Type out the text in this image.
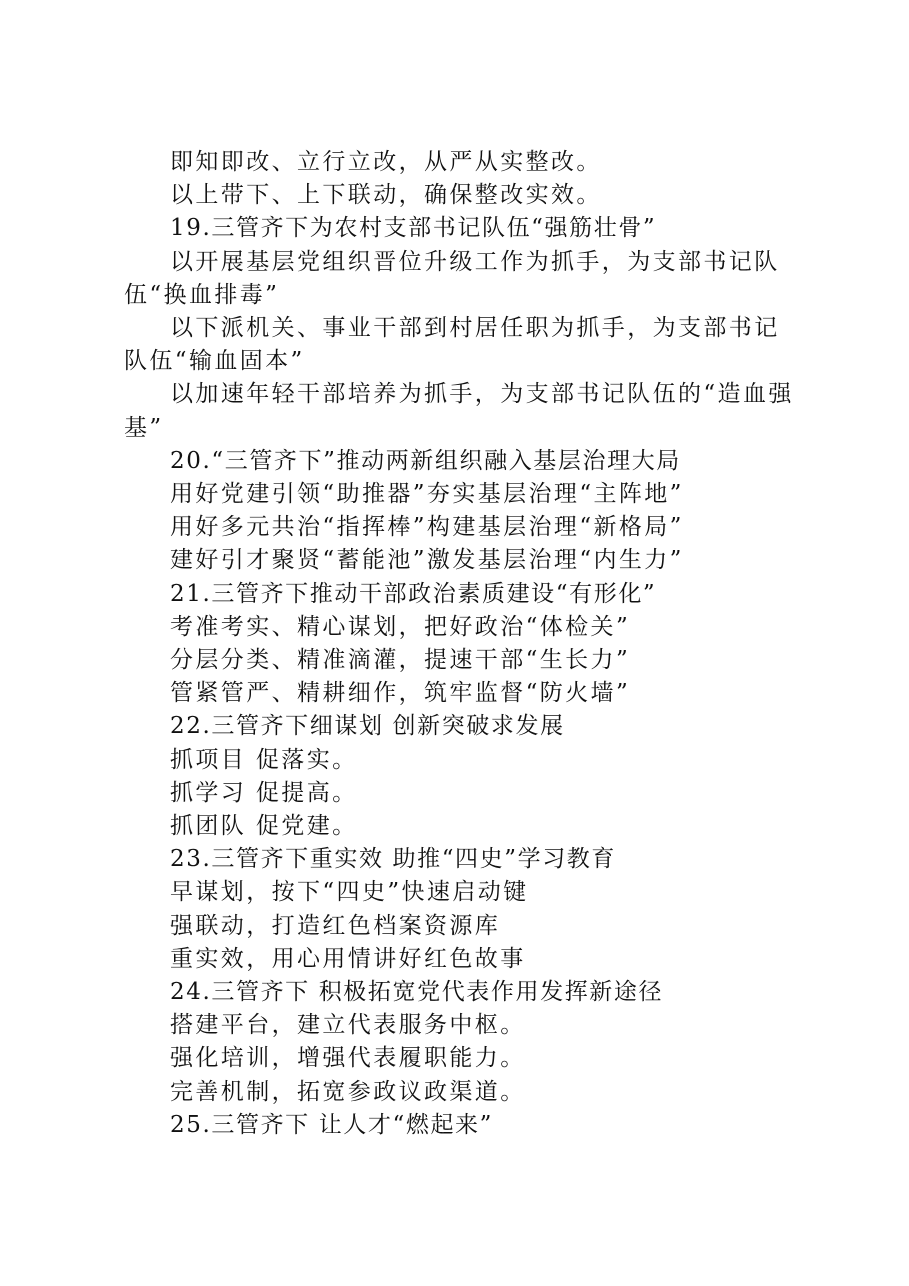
即知即改、立行立改，从严从实整改。

以上带下、上下联动，确保整改实效。

19.三管齐下为农村支部书记队伍“强筋壮骨”

以开展基层党组织晋位升级工作为抓手，为支部书记队伍“换血排毒”

以下派机关、事业干部到村居任职为抓手，为支部书记队伍“输血固本”

以加速年轻干部培养为抓手，为支部书记队伍的“造血强基”

20.“三管齐下”推动两新组织融入基层治理大局

用好党建引领“助推器”夯实基层治理“主阵地”

用好多元共治“指挥棒”构建基层治理“新格局”

建好引才聚贤“蓄能池”激发基层治理“内生力”

21.三管齐下推动干部政治素质建设“有形化”

考准考实、精心谋划，把好政治“体检关”

分层分类、精准滴灌，提速干部“生长力”

管紧管严、精耕细作，筑牢监督“防火墙”

22.三管齐下细谋划 创新突破求发展

抓项目 促落实。

抓学习 促提高。

抓团队 促党建。

23.三管齐下重实效 助推“四史”学习教育

早谋划，按下“四史”快速启动键

强联动，打造红色档案资源库

重实效，用心用情讲好红色故事

24.三管齐下 积极拓宽党代表作用发挥新途径

搭建平台，建立代表服务中枢。

强化培训，增强代表履职能力。

完善机制，拓宽参政议政渠道。

25.三管齐下 让人才“燃起来”
